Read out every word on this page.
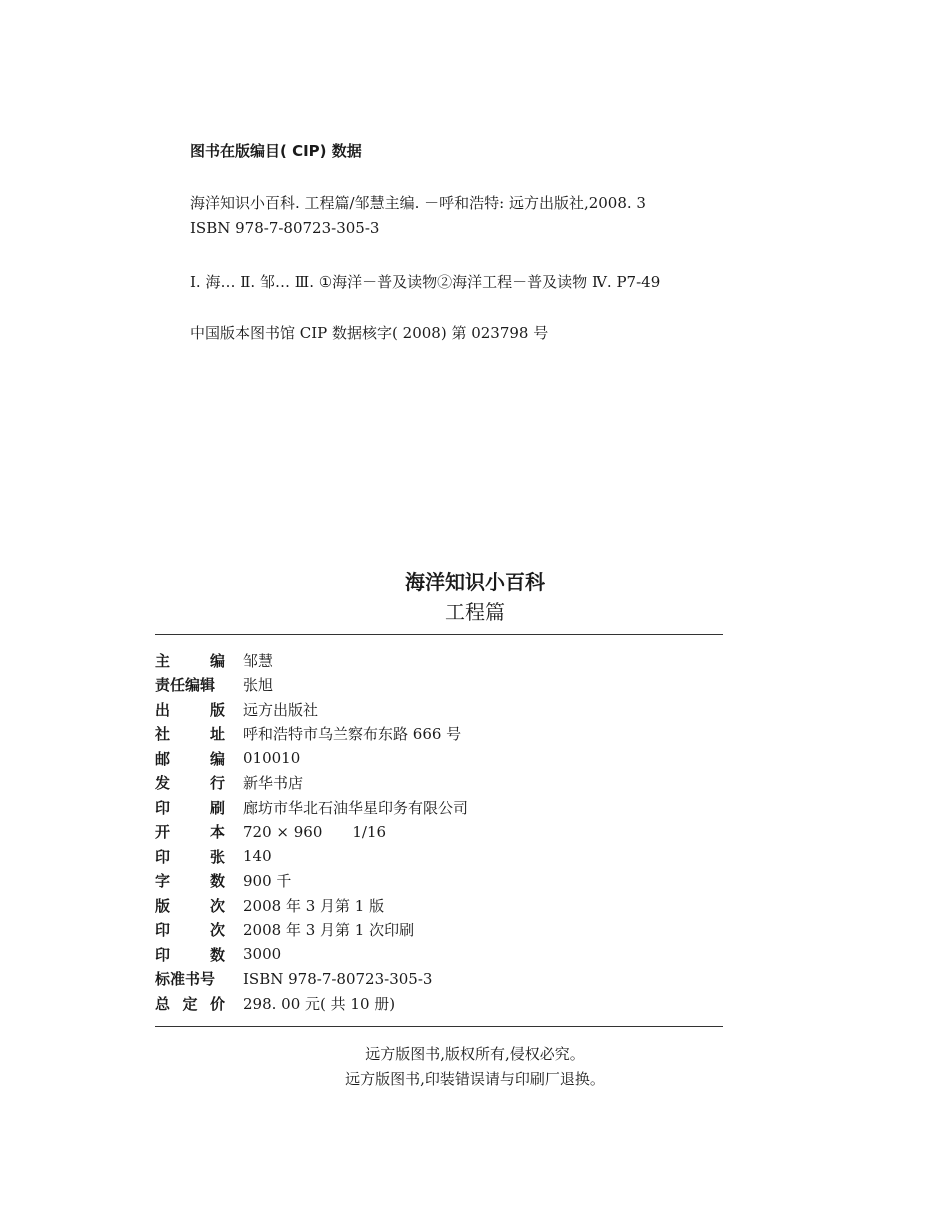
图书在版编目( CIP) 数据
海洋知识小百科. 工程篇/邹慧主编. －呼和浩特: 远方出版社,2008. 3
ISBN 978-7-80723-305-3
I. 海… Ⅱ. 邹… Ⅲ. ①海洋－普及读物②海洋工程－普及读物 Ⅳ. P7-49
中国版本图书馆 CIP 数据核字( 2008) 第 023798 号
海洋知识小百科
工程篇
主	编 邹慧
责任编辑 张旭
出	版 远方出版社
社	址 呼和浩特市乌兰察布东路 666 号
邮	编 010010
发	行 新华书店
印	刷 廊坊市华北石油华星印务有限公司
开	本 720 × 960　　1/16
印	张 140
字	数 900 千
版	次 2008 年 3 月第 1 版
印	次 2008 年 3 月第 1 次印刷
印	数 3000
标准书号 ISBN 978-7-80723-305-3
总 定 价 298. 00 元( 共 10 册)
远方版图书,版权所有,侵权必究。
远方版图书,印装错误请与印刷厂退换。
